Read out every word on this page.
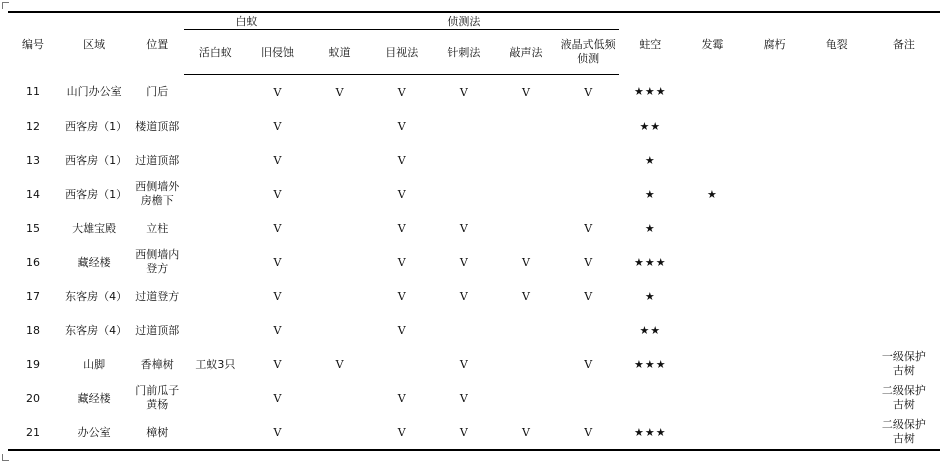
编号	区域	位置	白蚁		侦测法					蛀空	发霉	腐朽	龟裂	备注
			活白蚁	旧侵蚀	蚁道	目视法	针刺法	敲声法	液晶式低频侦测					
11	山门办公室	门后		V	V	V	V	V	V	★★★				
12	西客房（1）	楼道顶部		V		V				★★				
13	西客房（1）	过道顶部		V		V				★				
14	西客房（1）	西侧墙外房檐下		V		V				★	★			
15	大雄宝殿	立柱		V		V	V		V	★				
16	藏经楼	西侧墙内登方		V		V	V	V	V	★★★				
17	东客房（4）	过道登方		V		V	V	V	V	★				
18	东客房（4）	过道顶部		V		V				★★				
19	山脚	香樟树	工蚁3只	V	V		V		V	★★★				一级保护古树
20	藏经楼	门前瓜子黄杨		V		V	V							二级保护古树
21	办公室	樟树		V		V	V	V	V	★★★				二级保护古树
